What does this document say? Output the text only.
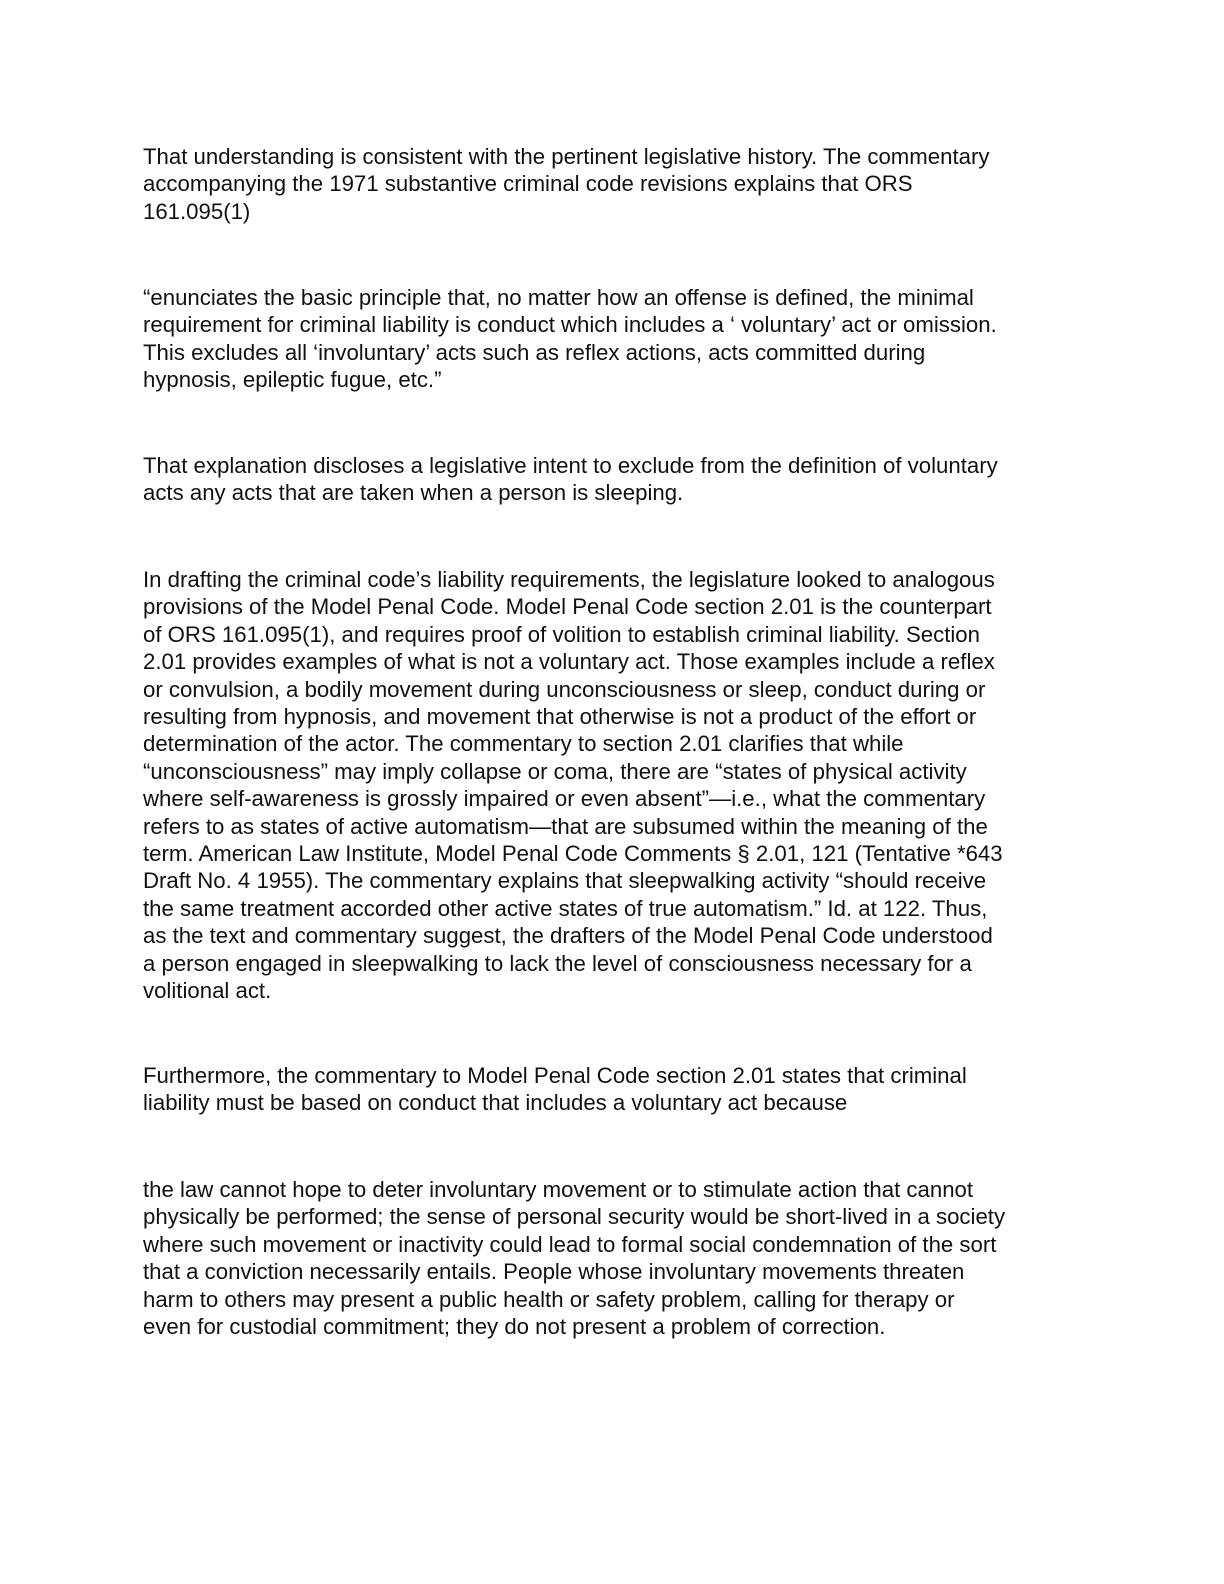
That understanding is consistent with the pertinent legislative history. The commentary
accompanying the 1971 substantive criminal code revisions explains that ORS
161.095(1)

“enunciates the basic principle that, no matter how an offense is defined, the minimal
requirement for criminal liability is conduct which includes a ‘ voluntary’ act or omission.
This excludes all ‘involuntary’ acts such as reflex actions, acts committed during
hypnosis, epileptic fugue, etc.”

That explanation discloses a legislative intent to exclude from the definition of voluntary
acts any acts that are taken when a person is sleeping.

In drafting the criminal code’s liability requirements, the legislature looked to analogous
provisions of the Model Penal Code. Model Penal Code section 2.01 is the counterpart
of ORS 161.095(1), and requires proof of volition to establish criminal liability. Section
2.01 provides examples of what is not a voluntary act. Those examples include a reflex
or convulsion, a bodily movement during unconsciousness or sleep, conduct during or
resulting from hypnosis, and movement that otherwise is not a product of the effort or
determination of the actor. The commentary to section 2.01 clarifies that while
“unconsciousness” may imply collapse or coma, there are “states of physical activity
where self-awareness is grossly impaired or even absent”—i.e., what the commentary
refers to as states of active automatism—that are subsumed within the meaning of the
term. American Law Institute, Model Penal Code Comments § 2.01, 121 (Tentative *643
Draft No. 4 1955). The commentary explains that sleepwalking activity “should receive
the same treatment accorded other active states of true automatism.” Id. at 122. Thus,
as the text and commentary suggest, the drafters of the Model Penal Code understood
a person engaged in sleepwalking to lack the level of consciousness necessary for a
volitional act.

Furthermore, the commentary to Model Penal Code section 2.01 states that criminal
liability must be based on conduct that includes a voluntary act because

the law cannot hope to deter involuntary movement or to stimulate action that cannot
physically be performed; the sense of personal security would be short-lived in a society
where such movement or inactivity could lead to formal social condemnation of the sort
that a conviction necessarily entails. People whose involuntary movements threaten
harm to others may present a public health or safety problem, calling for therapy or
even for custodial commitment; they do not present a problem of correction.
